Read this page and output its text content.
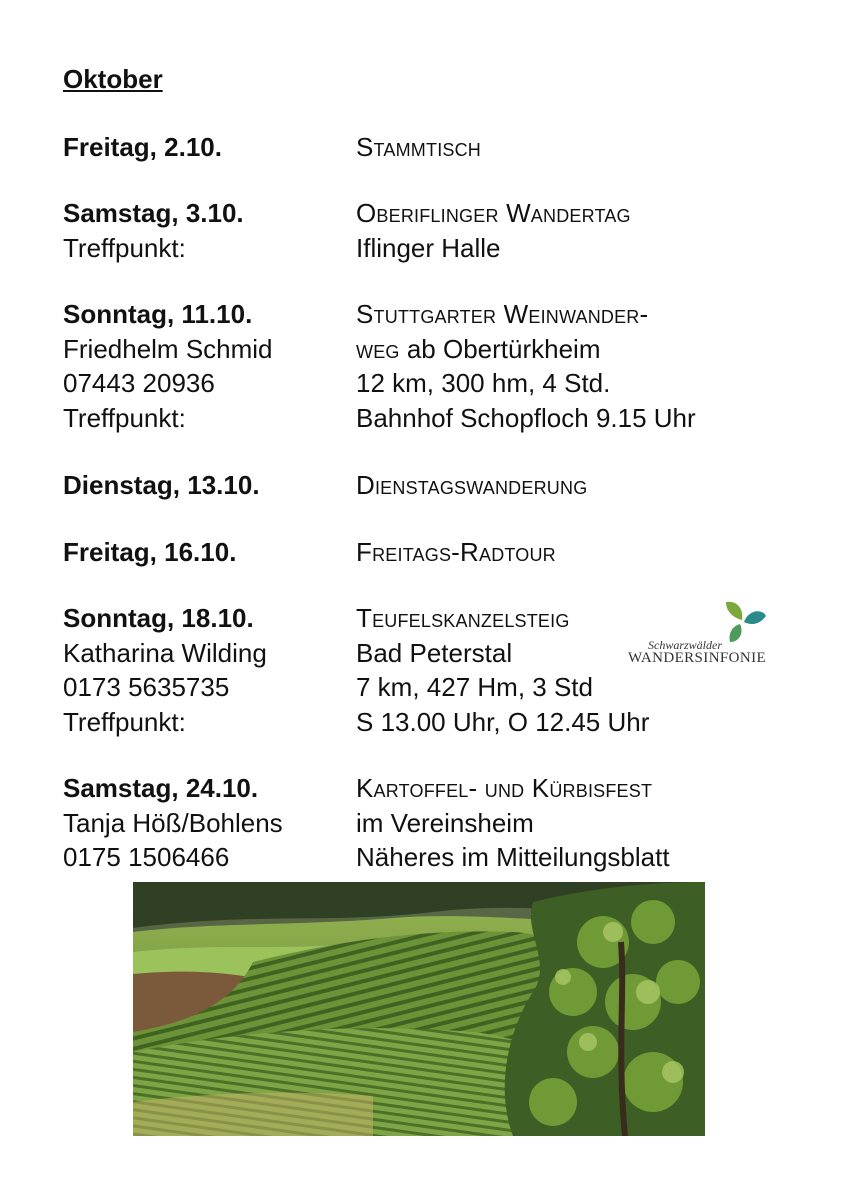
Oktober
Freitag, 2.10.	Stammtisch
Samstag, 3.10.	Oberiflinger Wandertag
Treffpunkt:	Iflinger Halle
Sonntag, 11.10.	Stuttgarter Weinwander-
Friedhelm Schmid	weg ab Obertürkheim
07443 20936	12 km, 300 hm, 4 Std.
Treffpunkt:	Bahnhof Schopfloch 9.15 Uhr
Dienstag, 13.10.	Dienstagswanderung
Freitag, 16.10.	Freitags-Radtour
Sonntag, 18.10.	Teufelskanzelsteig
Katharina Wilding	Bad Peterstal
0173 5635735	7 km, 427 Hm, 3 Std
Treffpunkt:	S 13.00 Uhr, O 12.45 Uhr
Samstag, 24.10.	Kartoffel- und Kürbisfest
Tanja Höß/Bohlens	im Vereinsheim
0175 1506466	Näheres im Mitteilungsblatt
Schwarzwälder
WANDERSINFONIE
